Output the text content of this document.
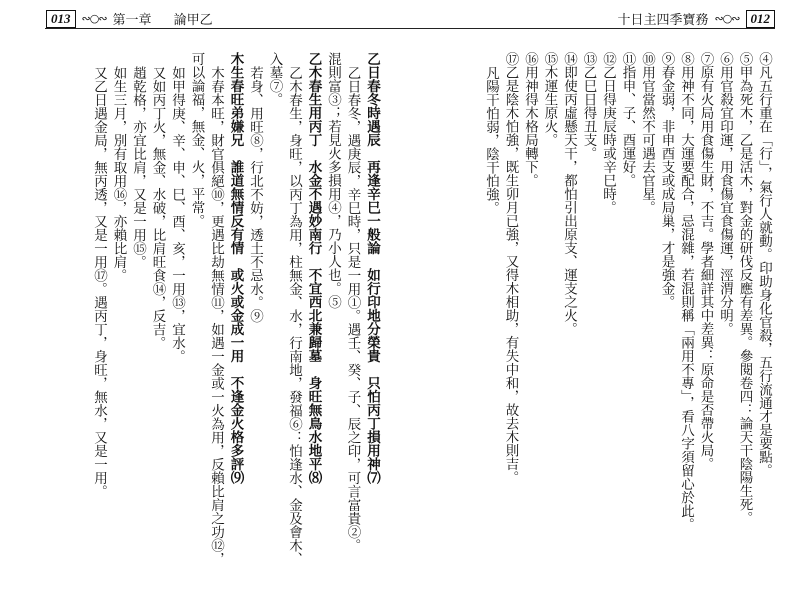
013	∾○∾ 第一章 論甲乙	十日主四季寶務 ∾○∾ 012

④凡五行重在「行」，氣行人就動。印助身化官殺，五行流通才是要點。

⑤甲為死木，乙是活木，對金的研伐反應有差異。參閱卷四：論天干陰陽生死。

⑥用官殺宜印運，用食傷宜食傷運，涇渭分明。

⑦原有火局用食傷生財，不吉。學者細詳其中差異：原命是否帶火局。

⑧用神不同，大運要配合，忌混雜，若混則稱「兩用不專」，看八字須留心於此。

⑨春金弱，非申酉支或成局巢，才是強金。

⑩用官當然不可遇去官星。

⑪指申、子、酉運好。

⑫乙日得庚辰時或辛巳時。

⑬乙巳日得丑支。

⑭即使丙虛懸天干，都怕引出原支、運支之火。

⑮木運生原火。

⑯用神得木格局轉下。

⑰乙是陰木怕強，既生卯月已強，又得木相助，有失中和，故去木則吉。

凡陽干怕弱，陰干怕強。

乙日春冬時遇辰　再逢辛巳一般論　如行印地分榮貴　只怕丙丁損用神⑺

乙日春冬，遇庚辰，辛巳時，只是一用①。遇壬、癸、子、辰之印，可言富貴②。

混則富③；若見火多損用④，乃小人也。⑤

乙木春生用丙丁　水金不遇妙南行　不宜西北兼歸墓　身旺無鳥水地平⑻

乙木春生，身旺，以丙丁為用，柱無金、水，行南地，發福⑥：怕逢水、金及會木、

入墓⑦。

若身、用旺⑧，行北不妨，透土不忌水。⑨

木生春旺弟嫌兄　誰道無情反有情　或火或金成一用　不逢金火格多評⑼

木春本旺，財官俱絕⑩，更遇比劫無情⑪，如遇一金或一火為用，反賴比肩之功⑫，

可以論福，無金、火，平常。

如甲得庚、辛、申、巳、酉、亥，一用⑬，宜水。

又如丙丁火，無金、水破，比肩旺食⑭，反吉。

趙乾格，亦宜比肩，又是一用⑮。

如生三月，別有取用⑯，亦賴比肩。

又乙日遇金局，無丙透，又是一用⑰。遇丙丁，身旺，無水，又是一用。
